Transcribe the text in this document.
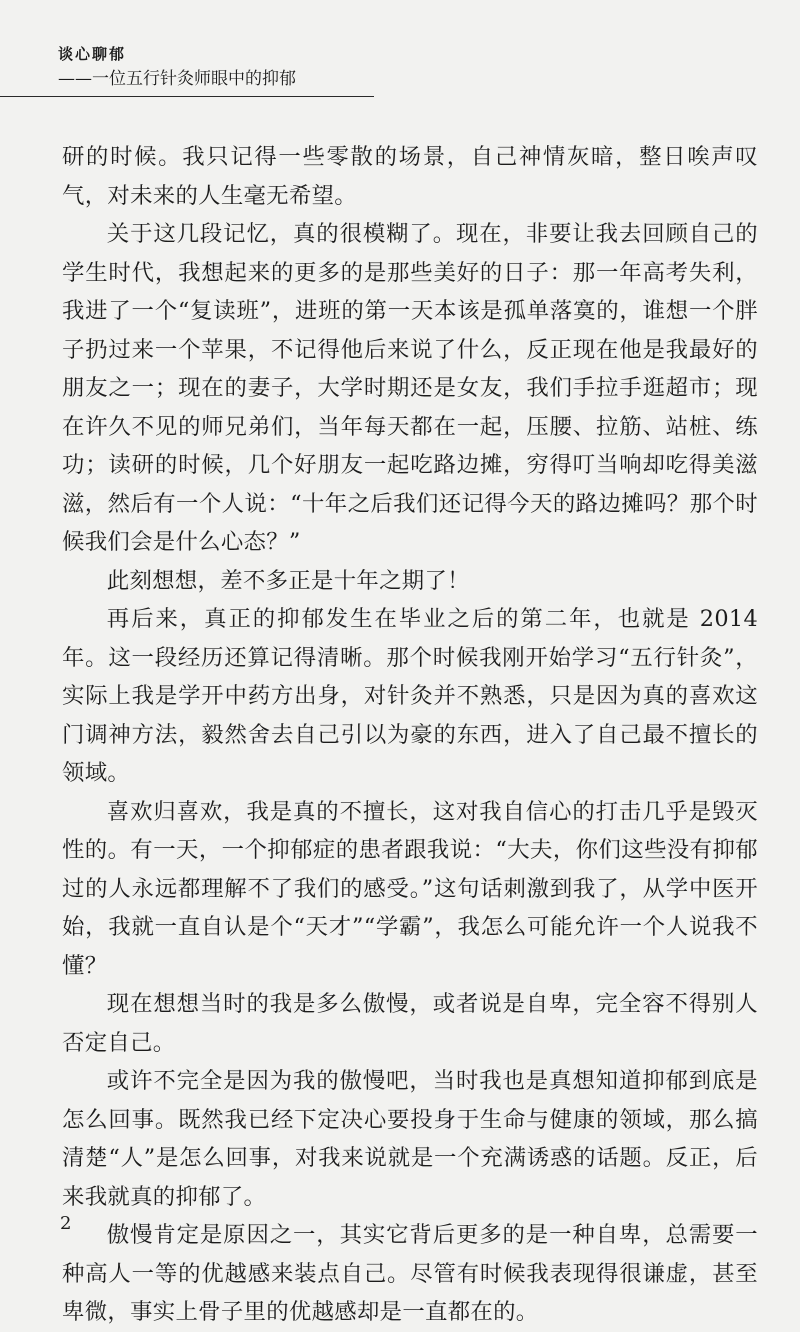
谈心聊郁
——一位五行针灸师眼中的抑郁

研的时候。我只记得一些零散的场景，自己神情灰暗，整日唉声叹气，对未来的人生毫无希望。

关于这几段记忆，真的很模糊了。现在，非要让我去回顾自己的学生时代，我想起来的更多的是那些美好的日子：那一年高考失利，我进了一个“复读班”，进班的第一天本该是孤单落寞的，谁想一个胖子扔过来一个苹果，不记得他后来说了什么，反正现在他是我最好的朋友之一；现在的妻子，大学时期还是女友，我们手拉手逛超市；现在许久不见的师兄弟们，当年每天都在一起，压腰、拉筋、站桩、练功；读研的时候，几个好朋友一起吃路边摊，穷得叮当响却吃得美滋滋，然后有一个人说：“十年之后我们还记得今天的路边摊吗？那个时候我们会是什么心态？”

此刻想想，差不多正是十年之期了！

再后来，真正的抑郁发生在毕业之后的第二年，也就是 2014 年。这一段经历还算记得清晰。那个时候我刚开始学习“五行针灸”，实际上我是学开中药方出身，对针灸并不熟悉，只是因为真的喜欢这门调神方法，毅然舍去自己引以为豪的东西，进入了自己最不擅长的领域。

喜欢归喜欢，我是真的不擅长，这对我自信心的打击几乎是毁灭性的。有一天，一个抑郁症的患者跟我说：“大夫，你们这些没有抑郁过的人永远都理解不了我们的感受。”这句话刺激到我了，从学中医开始，我就一直自认是个“天才”“学霸”，我怎么可能允许一个人说我不懂？

现在想想当时的我是多么傲慢，或者说是自卑，完全容不得别人否定自己。

或许不完全是因为我的傲慢吧，当时我也是真想知道抑郁到底是怎么回事。既然我已经下定决心要投身于生命与健康的领域，那么搞清楚“人”是怎么回事，对我来说就是一个充满诱惑的话题。反正，后来我就真的抑郁了。

傲慢肯定是原因之一，其实它背后更多的是一种自卑，总需要一种高人一等的优越感来装点自己。尽管有时候我表现得很谦虚，甚至卑微，事实上骨子里的优越感却是一直都在的。

2
